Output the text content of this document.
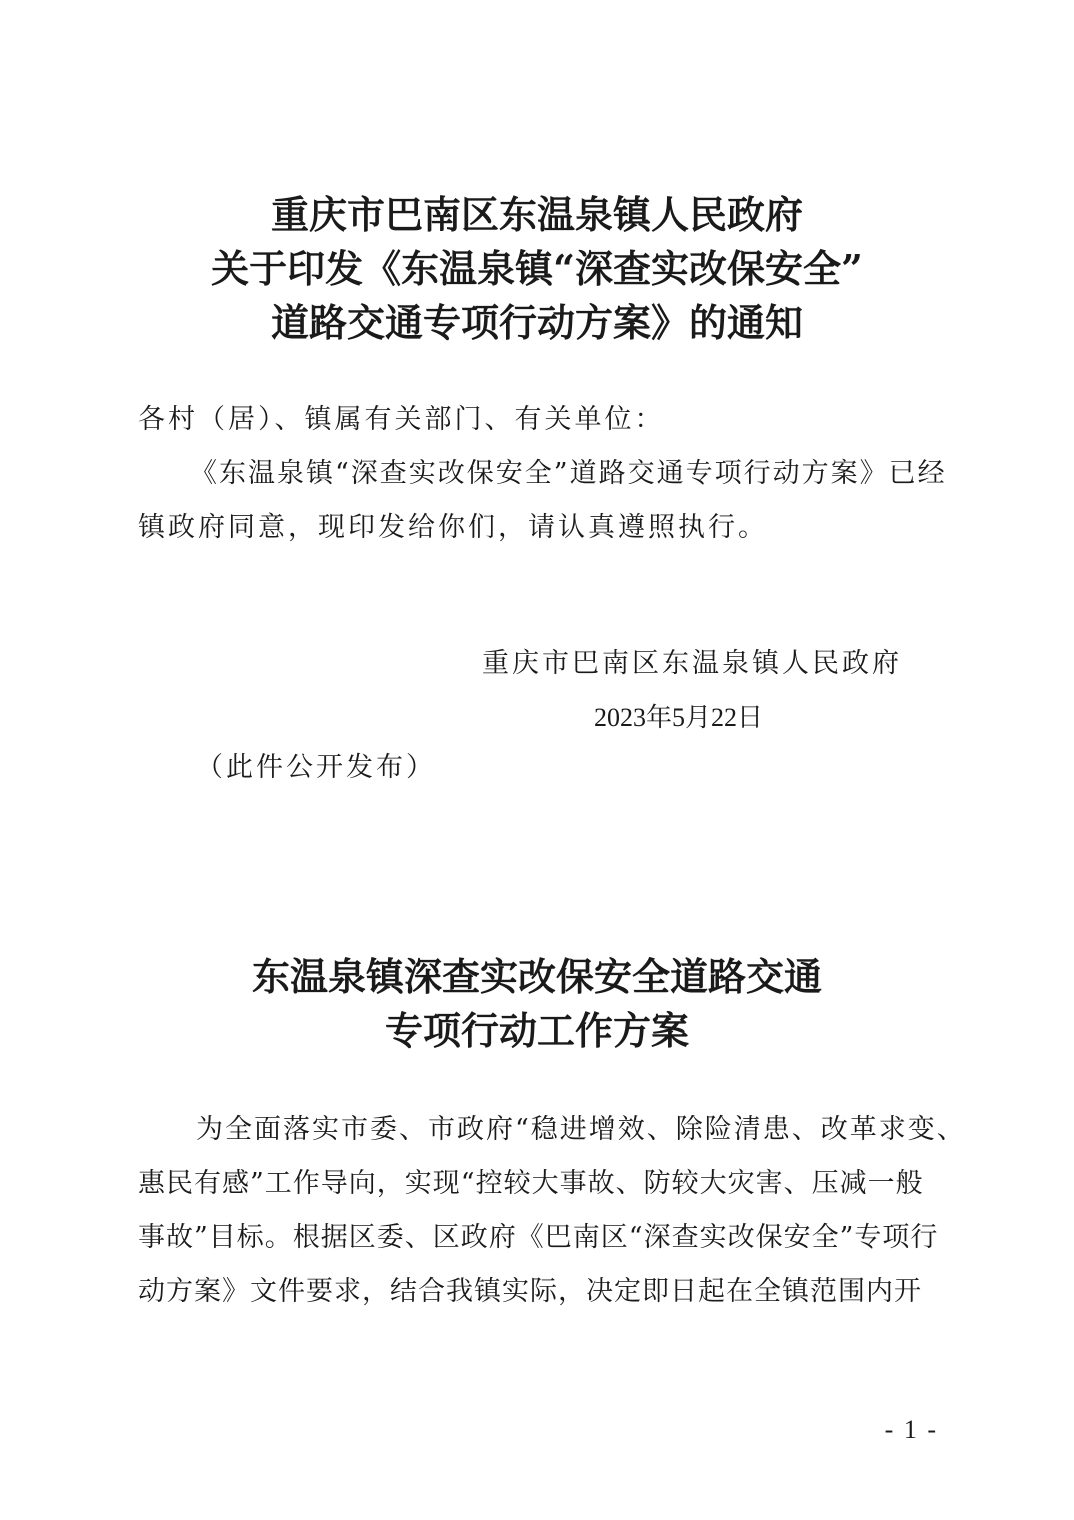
重庆市巴南区东温泉镇人民政府
关于印发《东温泉镇“深查实改保安全”
道路交通专项行动方案》的通知
各村（居）、镇属有关部门、有关单位：
《东温泉镇“深查实改保安全”道路交通专项行动方案》已经
镇政府同意，现印发给你们，请认真遵照执行。
重庆市巴南区东温泉镇人民政府
2023年5月22日
（此件公开发布）
东温泉镇深查实改保安全道路交通
专项行动工作方案
为全面落实市委、市政府“稳进增效、除险清患、改革求变、
惠民有感”工作导向，实现“控较大事故、防较大灾害、压减一般
事故”目标。根据区委、区政府《巴南区“深查实改保安全”专项行
动方案》文件要求，结合我镇实际，决定即日起在全镇范围内开
- 1 -
